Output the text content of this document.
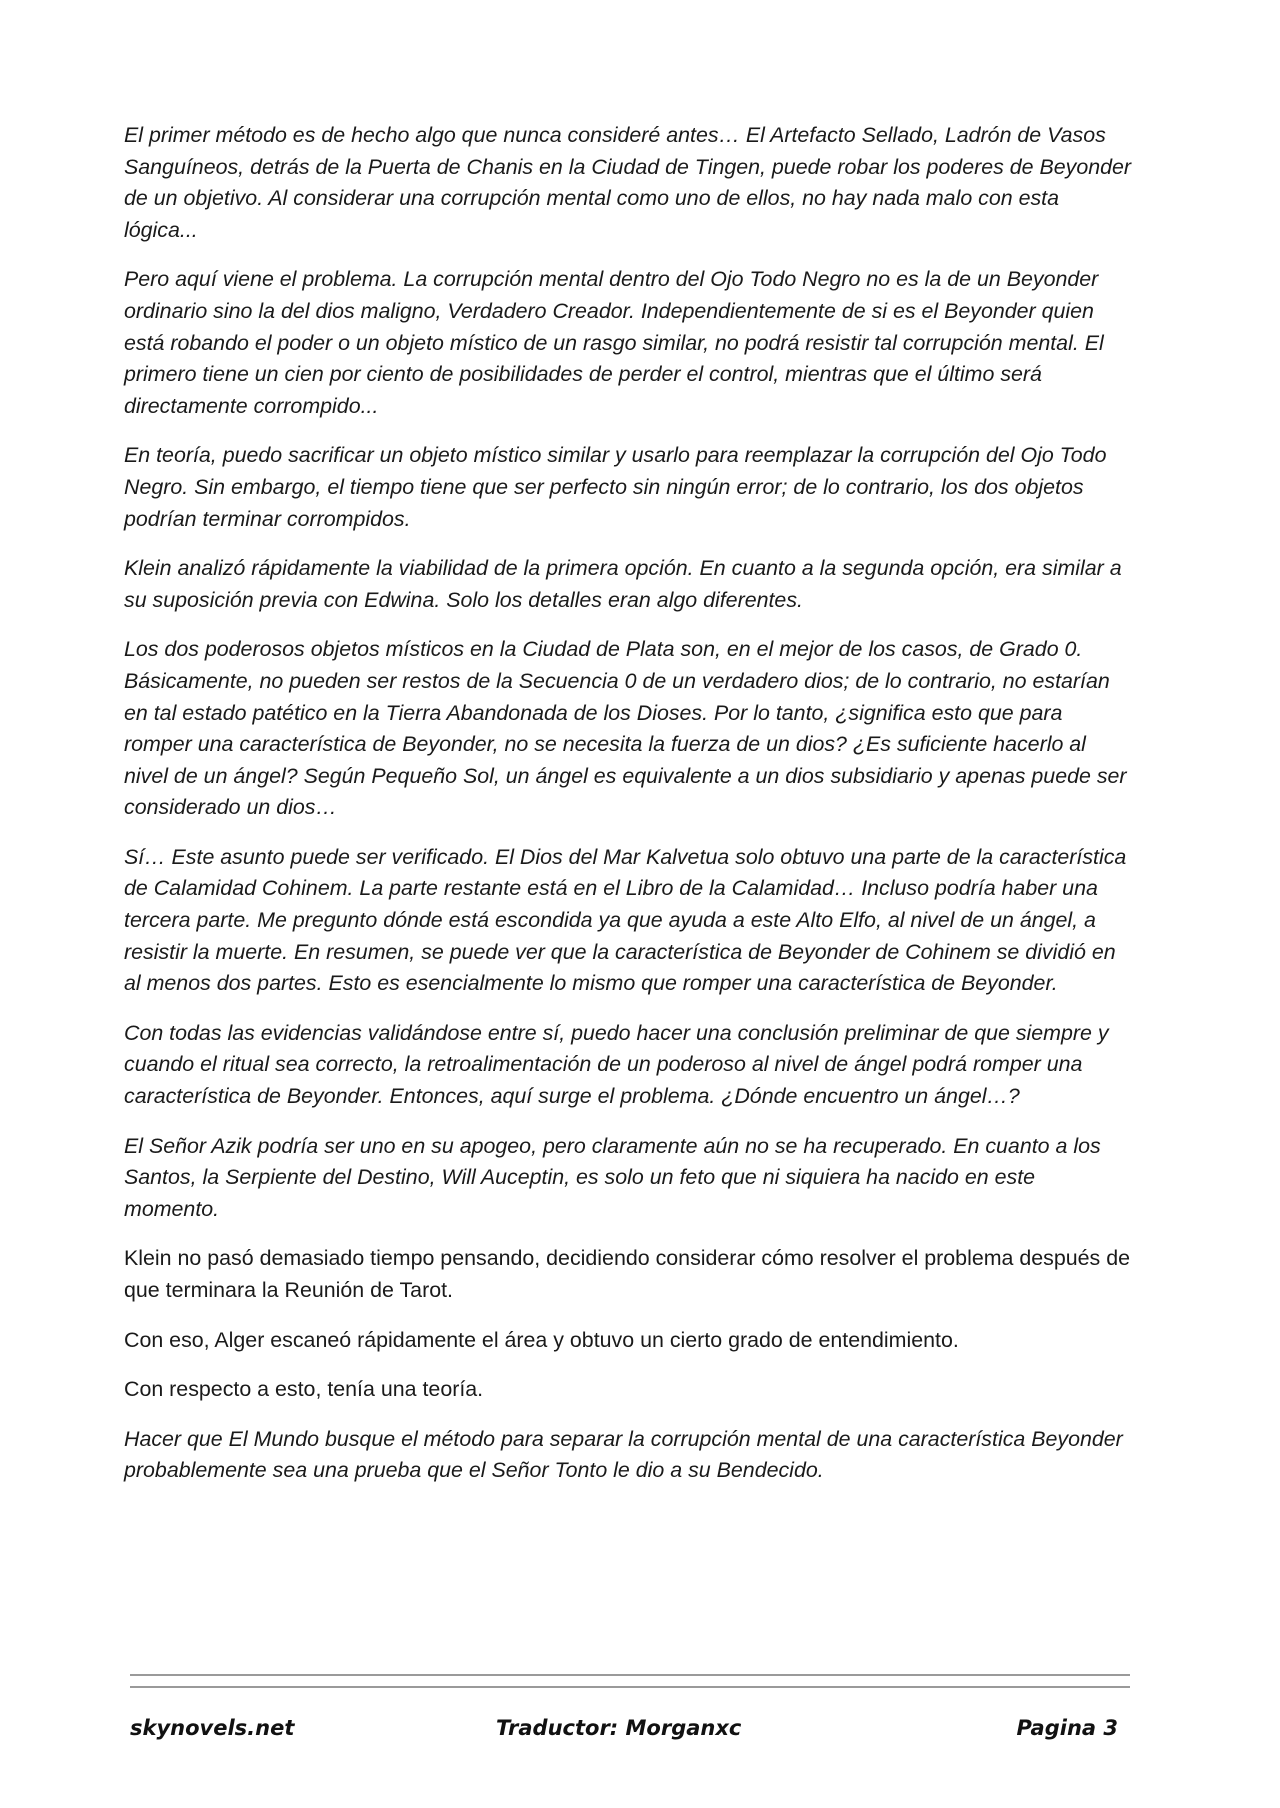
El primer método es de hecho algo que nunca consideré antes… El Artefacto Sellado, Ladrón de Vasos Sanguíneos, detrás de la Puerta de Chanis en la Ciudad de Tingen, puede robar los poderes de Beyonder de un objetivo. Al considerar una corrupción mental como uno de ellos, no hay nada malo con esta lógica...

Pero aquí viene el problema. La corrupción mental dentro del Ojo Todo Negro no es la de un Beyonder ordinario sino la del dios maligno, Verdadero Creador. Independientemente de si es el Beyonder quien está robando el poder o un objeto místico de un rasgo similar, no podrá resistir tal corrupción mental. El primero tiene un cien por ciento de posibilidades de perder el control, mientras que el último será directamente corrompido...

En teoría, puedo sacrificar un objeto místico similar y usarlo para reemplazar la corrupción del Ojo Todo Negro. Sin embargo, el tiempo tiene que ser perfecto sin ningún error; de lo contrario, los dos objetos podrían terminar corrompidos.

Klein analizó rápidamente la viabilidad de la primera opción. En cuanto a la segunda opción, era similar a su suposición previa con Edwina. Solo los detalles eran algo diferentes.

Los dos poderosos objetos místicos en la Ciudad de Plata son, en el mejor de los casos, de Grado 0. Básicamente, no pueden ser restos de la Secuencia 0 de un verdadero dios; de lo contrario, no estarían en tal estado patético en la Tierra Abandonada de los Dioses. Por lo tanto, ¿significa esto que para romper una característica de Beyonder, no se necesita la fuerza de un dios? ¿Es suficiente hacerlo al nivel de un ángel? Según Pequeño Sol, un ángel es equivalente a un dios subsidiario y apenas puede ser considerado un dios…

Sí… Este asunto puede ser verificado. El Dios del Mar Kalvetua solo obtuvo una parte de la característica de Calamidad Cohinem. La parte restante está en el Libro de la Calamidad… Incluso podría haber una tercera parte. Me pregunto dónde está escondida ya que ayuda a este Alto Elfo, al nivel de un ángel, a resistir la muerte. En resumen, se puede ver que la característica de Beyonder de Cohinem se dividió en al menos dos partes. Esto es esencialmente lo mismo que romper una característica de Beyonder.

Con todas las evidencias validándose entre sí, puedo hacer una conclusión preliminar de que siempre y cuando el ritual sea correcto, la retroalimentación de un poderoso al nivel de ángel podrá romper una característica de Beyonder. Entonces, aquí surge el problema. ¿Dónde encuentro un ángel…?

El Señor Azik podría ser uno en su apogeo, pero claramente aún no se ha recuperado. En cuanto a los Santos, la Serpiente del Destino, Will Auceptin, es solo un feto que ni siquiera ha nacido en este momento.

Klein no pasó demasiado tiempo pensando, decidiendo considerar cómo resolver el problema después de que terminara la Reunión de Tarot.

Con eso, Alger escaneó rápidamente el área y obtuvo un cierto grado de entendimiento.

Con respecto a esto, tenía una teoría.

Hacer que El Mundo busque el método para separar la corrupción mental de una característica Beyonder probablemente sea una prueba que el Señor Tonto le dio a su Bendecido.

skynovels.net	Traductor: Morganxc	Pagina 3
